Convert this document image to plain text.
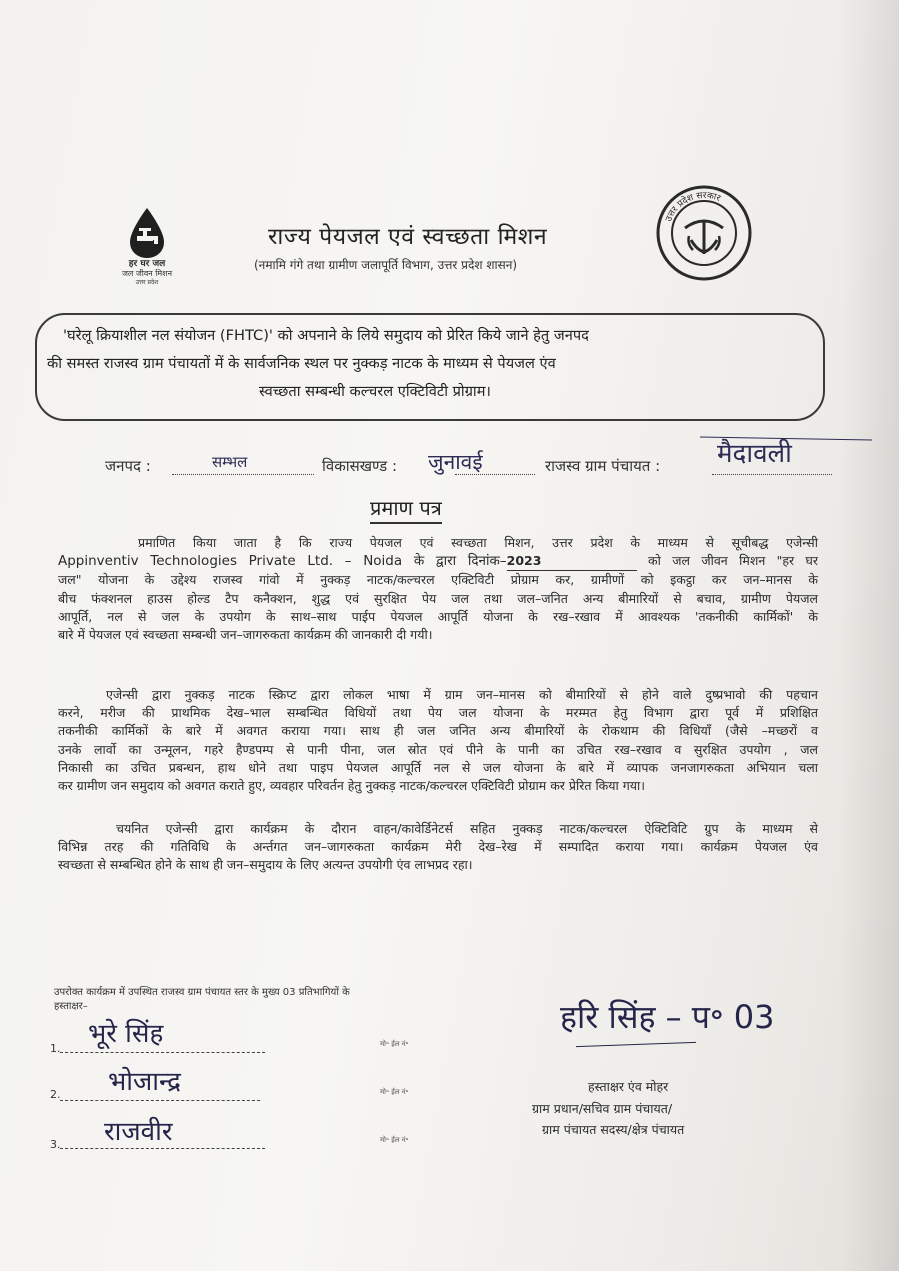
हर घर जल
जल जीवन मिशन
उत्तर प्रदेश
उत्तर प्रदेश सरकार
राज्य पेयजल एवं स्वच्छता मिशन
(नमामि गंगे तथा ग्रामीण जलापूर्ति विभाग, उत्तर प्रदेश शासन)
'घरेलू क्रियाशील नल संयोजन (FHTC)' को अपनाने के लिये समुदाय को प्रेरित किये जाने हेतु जनपद
की समस्त राजस्व ग्राम पंचायतों में के सार्वजनिक स्थल पर नुक्कड़ नाटक के माध्यम से पेयजल एंव
स्वच्छता सम्बन्धी कल्चरल एक्टिविटी प्रोग्राम।
जनपद :	सम्भल	विकासखण्ड : जुनावई	राजस्व ग्राम पंचायत : मैदावली
प्रमाण पत्र
प्रमाणित किया जाता है कि राज्य पेयजल एवं स्वच्छता मिशन, उत्तर प्रदेश के माध्यम से सूचीबद्ध एजेन्सी
Appinventiv Technologies Private Ltd. – Noida के द्वारा दिनांक–2023	को जल जीवन मिशन "हर घर
जल" योजना के उद्देश्य राजस्व गांवो में नुक्कड़ नाटक/कल्चरल एक्टिविटी प्रोग्राम कर, ग्रामीणों को इकट्ठा कर जन–मानस के
बीच फंक्शनल हाउस होल्ड टैप कनैक्शन, शुद्ध एवं सुरक्षित पेय जल तथा जल–जनित अन्य बीमारियों से बचाव, ग्रामीण पेयजल
आपूर्ति, नल से जल के उपयोग के साथ–साथ पाईप पेयजल आपूर्ति योजना के रख–रखाव में आवश्यक 'तकनीकी कार्मिकों' के
बारे में पेयजल एवं स्वच्छता सम्बन्धी जन–जागरुकता कार्यक्रम की जानकारी दी गयी।
एजेन्सी द्वारा नुक्कड़ नाटक स्क्रिप्ट द्वारा लोकल भाषा में ग्राम जन–मानस को बीमारियों से होने वाले दुष्प्रभावो की पहचान
करने, मरीज की प्राथमिक देख–भाल सम्बन्धित विधियों तथा पेय जल योजना के मरम्मत हेतु विभाग द्वारा पूर्व में प्रशिक्षित
तकनीकी कार्मिकों के बारे में अवगत कराया गया। साथ ही जल जनित अन्य बीमारियों के रोकथाम की विधियाँ (जैसे –मच्छरों व
उनके लार्वो का उन्मूलन, गहरे हैण्डपम्प से पानी पीना, जल स्रोत एवं पीने के पानी का उचित रख–रखाव व सुरक्षित उपयोग , जल
निकासी का उचित प्रबन्धन, हाथ धोने तथा पाइप पेयजल आपूर्ति नल से जल योजना के बारे में व्यापक जनजागरुकता अभियान चला
कर ग्रामीण जन समुदाय को अवगत कराते हुए, व्यवहार परिवर्तन हेतु नुक्कड़ नाटक/कल्चरल एक्टिविटी प्रोग्राम कर प्रेरित किया गया।
चयनित एजेन्सी द्वारा कार्यक्रम के दौरान वाहन/कावेर्डिनेटर्स सहित नुक्कड़ नाटक/कल्चरल ऐक्टिविटि ग्रुप के माध्यम से
विभिन्न तरह की गतिविधि के अर्न्तगत जन–जागरुकता कार्यक्रम मेरी देख–रेख में सम्पादित कराया गया। कार्यक्रम पेयजल एंव
स्वच्छता से सम्बन्धित होने के साथ ही जन–समुदाय के लिए अत्यन्त उपयोगी एंव लाभप्रद रहा।
उपरोक्त कार्यक्रम में उपस्थित राजस्व ग्राम पंचायत स्तर के मुख्य 03 प्रतिभागियों के
हस्ताक्षर–
1. भूरे सिंह	मो॰ ईल नं॰
2. भोजान्द्र	मो॰ ईल नं॰
3. राजवीर	मो॰ ईल नं॰
हरि सिंह – प॰ 03
हस्ताक्षर एंव मोहर
ग्राम प्रधान/सचिव ग्राम पंचायत/
ग्राम पंचायत सदस्य/क्षेत्र पंचायत
